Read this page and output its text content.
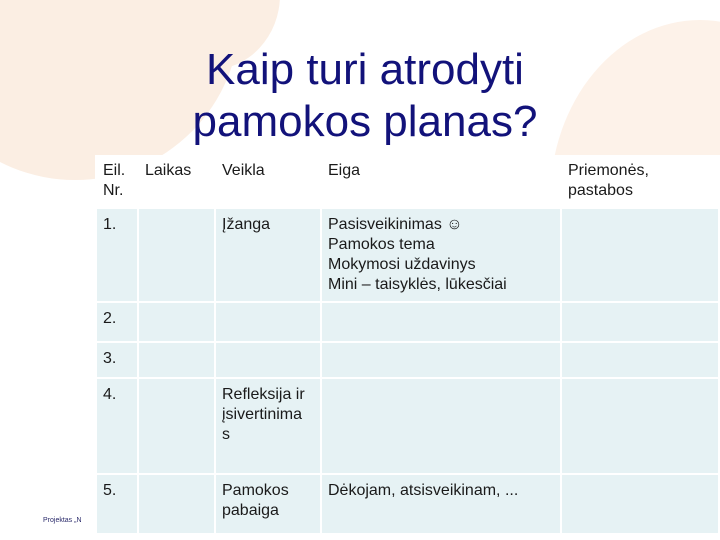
Kaip turi atrodyti
pamokos planas?
Eil. Nr.	Laikas	Veikla	Eiga	Priemonės, pastabos
1.		Įžanga	Pasisveikinimas ☺
Pamokos tema
Mokymosi uždavinys
Mini – taisyklės, lūkesčiai	

2.				
3.				
4.		Refleksija ir įsivertinima s		
5.		Pamokos pabaiga	Dėkojam, atsisveikinam, ...	

Projektas „N
